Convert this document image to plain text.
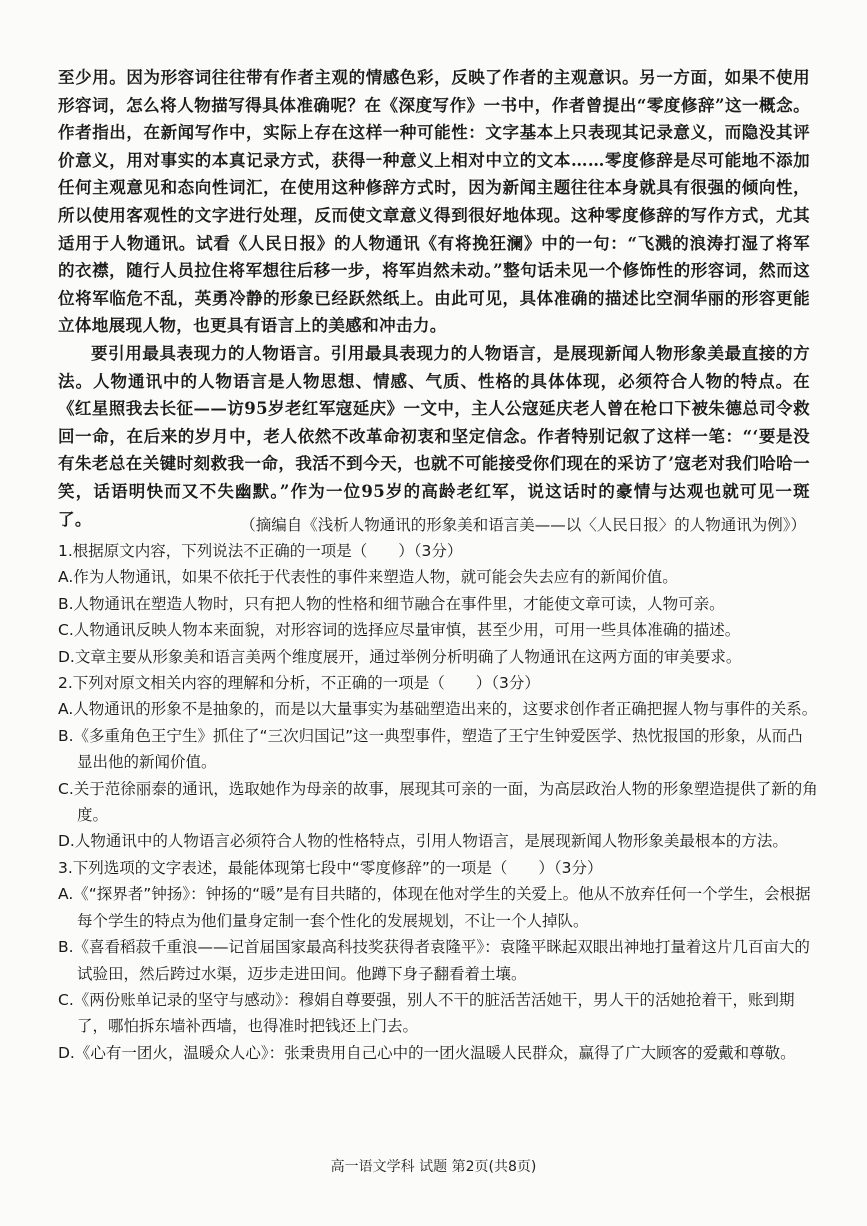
至少用。因为形容词往往带有作者主观的情感色彩，反映了作者的主观意识。另一方面，如果不使用形容词，怎么将人物描写得具体准确呢？在《深度写作》一书中，作者曾提出“零度修辞”这一概念。作者指出，在新闻写作中，实际上存在这样一种可能性：文字基本上只表现其记录意义，而隐没其评价意义，用对事实的本真记录方式，获得一种意义上相对中立的文本……零度修辞是尽可能地不添加任何主观意见和态向性词汇，在使用这种修辞方式时，因为新闻主题往往本身就具有很强的倾向性，所以使用客观性的文字进行处理，反而使文章意义得到很好地体现。这种零度修辞的写作方式，尤其适用于人物通讯。试看《人民日报》的人物通讯《有将挽狂澜》中的一句：“飞溅的浪涛打湿了将军的衣襟，随行人员拉住将军想往后移一步，将军岿然未动。”整句话未见一个修饰性的形容词，然而这位将军临危不乱，英勇冷静的形象已经跃然纸上。由此可见，具体准确的描述比空洞华丽的形容更能立体地展现人物，也更具有语言上的美感和冲击力。

要引用最具表现力的人物语言。引用最具表现力的人物语言，是展现新闻人物形象美最直接的方法。人物通讯中的人物语言是人物思想、情感、气质、性格的具体体现，必须符合人物的特点。在《红星照我去长征——访95岁老红军寇延庆》一文中，主人公寇延庆老人曾在枪口下被朱德总司令救回一命，在后来的岁月中，老人依然不改革命初衷和坚定信念。作者特别记叙了这样一笔：“‘要是没有朱老总在关键时刻救我一命，我活不到今天，也就不可能接受你们现在的采访了’寇老对我们哈哈一笑，话语明快而又不失幽默。”作为一位95岁的高龄老红军，说这话时的豪情与达观也就可见一斑了。	（摘编自《浅析人物通讯的形象美和语言美——以〈人民日报〉的人物通讯为例》）

1.根据原文内容，下列说法不正确的一项是（　　）（3分）

A.作为人物通讯，如果不依托于代表性的事件来塑造人物，就可能会失去应有的新闻价值。

B.人物通讯在塑造人物时，只有把人物的性格和细节融合在事件里，才能使文章可读，人物可亲。

C.人物通讯反映人物本来面貌，对形容词的选择应尽量审慎，甚至少用，可用一些具体准确的描述。

D.文章主要从形象美和语言美两个维度展开，通过举例分析明确了人物通讯在这两方面的审美要求。

2.下列对原文相关内容的理解和分析，不正确的一项是（　　）（3分）

A.人物通讯的形象不是抽象的，而是以大量事实为基础塑造出来的，这要求创作者正确把握人物与事件的关系。

B.《多重角色王宁生》抓住了“三次归国记”这一典型事件，塑造了王宁生钟爱医学、热忱报国的形象，从而凸显出他的新闻价值。

C.关于范徐丽泰的通讯，选取她作为母亲的故事，展现其可亲的一面，为高层政治人物的形象塑造提供了新的角度。

D.人物通讯中的人物语言必须符合人物的性格特点，引用人物语言，是展现新闻人物形象美最根本的方法。

3.下列选项的文字表述，最能体现第七段中“零度修辞”的一项是（　　）（3分）

A.《“探界者”钟扬》：钟扬的“暖”是有目共睹的，体现在他对学生的关爱上。他从不放弃任何一个学生，会根据每个学生的特点为他们量身定制一套个性化的发展规划，不让一个人掉队。

B.《喜看稻菽千重浪——记首届国家最高科技奖获得者袁隆平》：袁隆平眯起双眼出神地打量着这片几百亩大的试验田，然后跨过水渠，迈步走进田间。他蹲下身子翻看着土壤。

C.《两份账单记录的坚守与感动》：穆娟自尊要强，别人不干的脏活苦活她干，男人干的活她抢着干，账到期了，哪怕拆东墙补西墙，也得准时把钱还上门去。

D.《心有一团火，温暖众人心》：张秉贵用自己心中的一团火温暖人民群众，赢得了广大顾客的爱戴和尊敬。

高一语文学科 试题 第2页(共8页)
